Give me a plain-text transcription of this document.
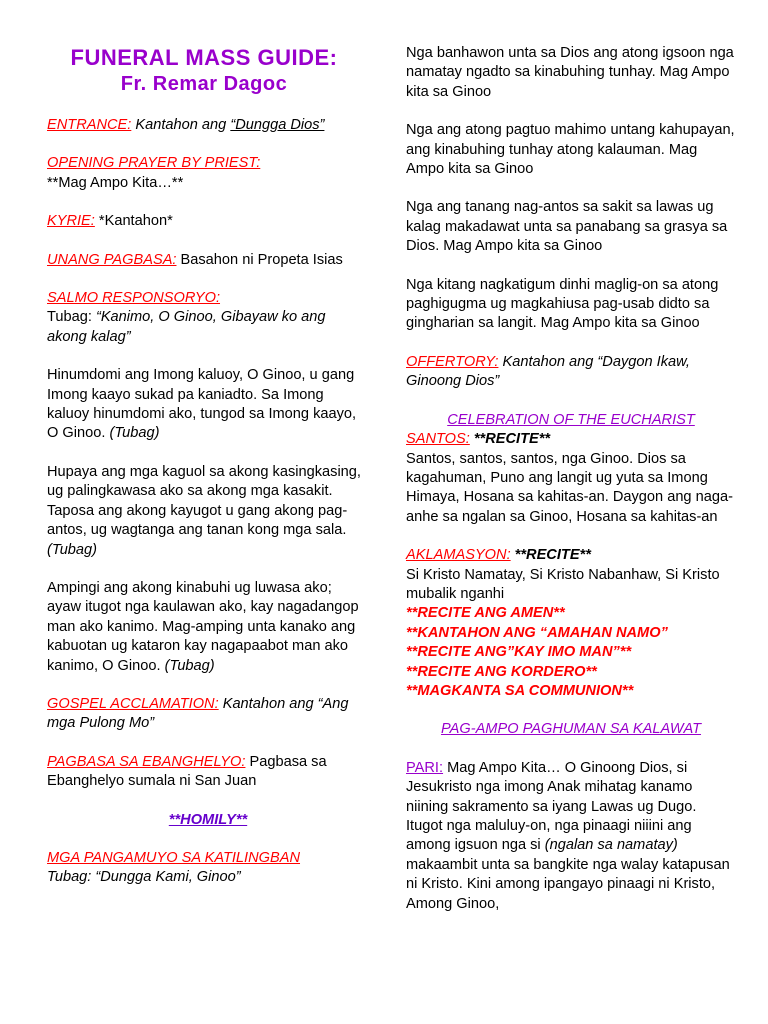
FUNERAL MASS GUIDE:
Fr. Remar Dagoc

ENTRANCE: Kantahon ang “Dungga Dios”

OPENING PRAYER BY PRIEST:

**Mag Ampo Kita…**

KYRIE: *Kantahon*

UNANG PAGBASA: Basahon ni Propeta Isias

SALMO RESPONSORYO:

Tubag: “Kanimo, O Ginoo, Gibayaw ko ang akong kalag”

Hinumdomi ang Imong kaluoy, O Ginoo, u gang Imong kaayo sukad pa kaniadto. Sa Imong kaluoy hinumdomi ako, tungod sa Imong kaayo, O Ginoo. (Tubag)

Hupaya ang mga kaguol sa akong kasingkasing, ug palingkawasa ako sa akong mga kasakit. Taposa ang akong kayugot u gang akong pag-antos, ug wagtanga ang tanan kong mga sala. (Tubag)

Ampingi ang akong kinabuhi ug luwasa ako; ayaw itugot nga kaulawan ako, kay nagadangop man ako kanimo. Mag-amping unta kanako ang kabuotan ug kataron kay nagapaabot man ako kanimo, O Ginoo. (Tubag)

GOSPEL ACCLAMATION: Kantahon ang “Ang mga Pulong Mo”

PAGBASA SA EBANGHELYO: Pagbasa sa Ebanghelyo sumala ni San Juan

**HOMILY**

MGA PANGAMUYO SA KATILINGBAN

Tubag: “Dungga Kami, Ginoo”

Nga banhawon unta sa Dios ang atong igsoon nga namatay ngadto sa kinabuhing tunhay. Mag Ampo kita sa Ginoo

Nga ang atong pagtuo mahimo untang kahupayan, ang kinabuhing tunhay atong kalauman. Mag Ampo kita sa Ginoo

Nga ang tanang nag-antos sa sakit sa lawas ug kalag makadawat unta sa panabang sa grasya sa Dios. Mag Ampo kita sa Ginoo

Nga kitang nagkatigum dinhi maglig-on sa atong paghigugma ug magkahiusa pag-usab didto sa gingharian sa langit. Mag Ampo kita sa Ginoo

OFFERTORY: Kantahon ang “Daygon Ikaw, Ginoong Dios”

CELEBRATION OF THE EUCHARIST

SANTOS: **RECITE**

Santos, santos, santos, nga Ginoo. Dios sa kagahuman, Puno ang langit ug yuta sa Imong Himaya, Hosana sa kahitas-an. Daygon ang naga-anhe sa ngalan sa Ginoo, Hosana sa kahitas-an

AKLAMASYON: **RECITE**

Si Kristo Namatay, Si Kristo Nabanhaw, Si Kristo mubalik nganhi

**RECITE ANG AMEN**

**KANTAHON ANG “AMAHAN NAMO”

**RECITE ANG”KAY IMO MAN”**

**RECITE ANG KORDERO**

**MAGKANTA SA COMMUNION**

PAG-AMPO PAGHUMAN SA KALAWAT

PARI: Mag Ampo Kita… O Ginoong Dios, si Jesukristo nga imong Anak mihatag kanamo niining sakramento sa iyang Lawas ug Dugo. Itugot nga maluluy-on, nga pinaagi niiini ang among igsuon nga si (ngalan sa namatay) makaambit unta sa bangkite nga walay katapusan ni Kristo. Kini among ipangayo pinaagi ni Kristo, Among Ginoo,
